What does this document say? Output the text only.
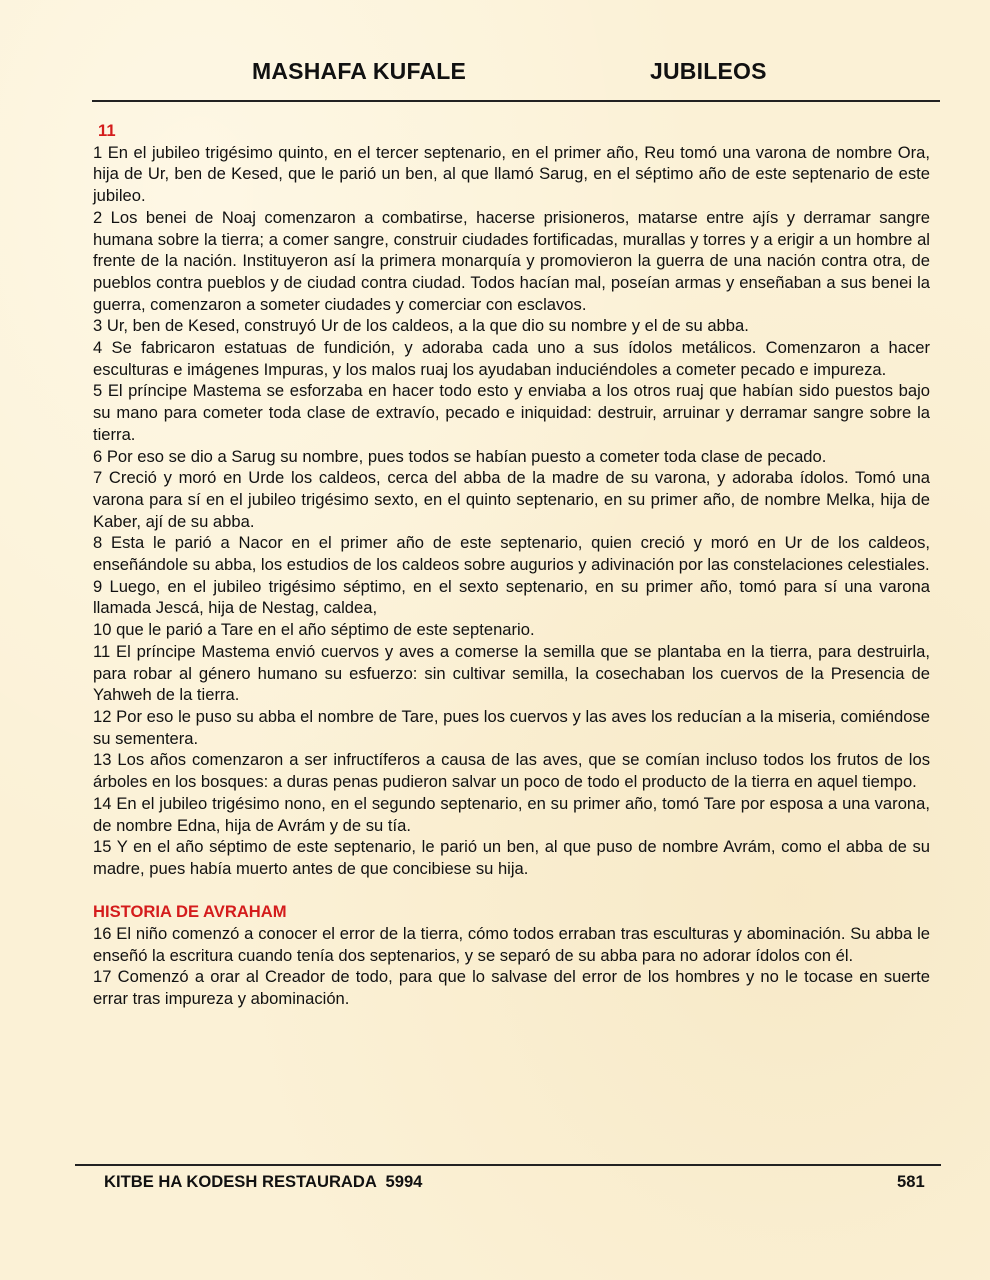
MASHAFA KUFALE	JUBILEOS

11

1 En el jubileo trigésimo quinto, en el tercer septenario, en el primer año, Reu tomó una varona de nombre Ora, hija de Ur, ben de Kesed, que le parió un ben, al que llamó Sarug, en el séptimo año de este septenario de este jubileo.

2 Los benei de Noaj comenzaron a combatirse, hacerse prisioneros, matarse entre ajís y derramar sangre humana sobre la tierra; a comer sangre, construir ciudades fortificadas, murallas y torres y a erigir a un hombre al frente de la nación. Instituyeron así la primera monarquía y promovieron la guerra de una nación contra otra, de pueblos contra pueblos y de ciudad contra ciudad. Todos hacían mal, poseían armas y enseñaban a sus benei la guerra, comenzaron a someter ciudades y comerciar con esclavos.

3 Ur, ben de Kesed, construyó Ur de los caldeos, a la que dio su nombre y el de su abba.

4 Se fabricaron estatuas de fundición, y adoraba cada uno a sus ídolos metálicos. Comenzaron a hacer esculturas e imágenes Impuras, y los malos ruaj los ayudaban induciéndoles a cometer pecado e impureza.

5 El príncipe Mastema se esforzaba en hacer todo esto y enviaba a los otros ruaj que habían sido puestos bajo su mano para cometer toda clase de extravío, pecado e iniquidad: destruir, arruinar y derramar sangre sobre la tierra.

6 Por eso se dio a Sarug su nombre, pues todos se habían puesto a cometer toda clase de pecado.

7 Creció y moró en Urde los caldeos, cerca del abba de la madre de su varona, y adoraba ídolos. Tomó una varona para sí en el jubileo trigésimo sexto, en el quinto septenario, en su primer año, de nombre Melka, hija de Kaber, ají de su abba.

8 Esta le parió a Nacor en el primer año de este septenario, quien creció y moró en Ur de los caldeos, enseñándole su abba, los estudios de los caldeos sobre augurios y adivinación por las constelaciones celestiales.

9 Luego, en el jubileo trigésimo séptimo, en el sexto septenario, en su primer año, tomó para sí una varona llamada Jescá, hija de Nestag, caldea,

10 que le parió a Tare en el año séptimo de este septenario.

11 El príncipe Mastema envió cuervos y aves a comerse la semilla que se plantaba en la tierra, para destruirla, para robar al género humano su esfuerzo: sin cultivar semilla, la cosechaban los cuervos de la Presencia de Yahweh de la tierra.

12 Por eso le puso su abba el nombre de Tare, pues los cuervos y las aves los reducían a la miseria, comiéndose su sementera.

13 Los años comenzaron a ser infructíferos a causa de las aves, que se comían incluso todos los frutos de los árboles en los bosques: a duras penas pudieron salvar un poco de todo el producto de la tierra en aquel tiempo.

14 En el jubileo trigésimo nono, en el segundo septenario, en su primer año, tomó Tare por esposa a una varona, de nombre Edna, hija de Avrám y de su tía.

15 Y en el año séptimo de este septenario, le parió un ben, al que puso de nombre Avrám, como el abba de su madre, pues había muerto antes de que concibiese su hija.

HISTORIA DE AVRAHAM

16 El niño comenzó a conocer el error de la tierra, cómo todos erraban tras esculturas y abominación. Su abba le enseñó la escritura cuando tenía dos septenarios, y se separó de su abba para no adorar ídolos con él.

17 Comenzó a orar al Creador de todo, para que lo salvase del error de los hombres y no le tocase en suerte errar tras impureza y abominación.

KITBE HA KODESH RESTAURADA  5994	581
